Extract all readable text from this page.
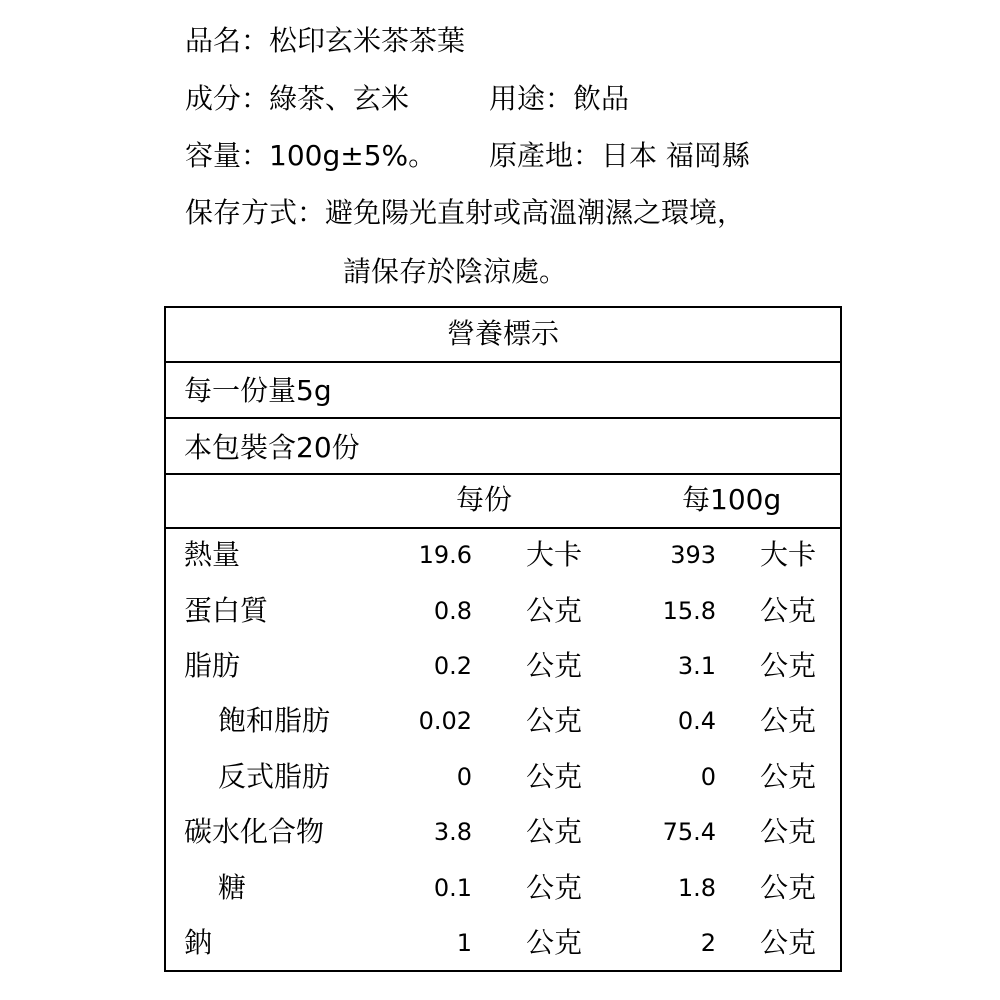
品名：松印玄米茶茶葉
成分：綠茶、玄米	用途：飲品
容量：100g±5%。 原產地：日本 福岡縣
保存方式：避免陽光直射或高溫潮濕之環境，
請保存於陰涼處。
營養標示
每一份量5g
本包裝含20份
每份	每100g
熱量	19.6 大卡	393 大卡
蛋白質	0.8 公克	15.8 公克
脂肪	0.2 公克	3.1 公克
飽和脂肪	0.02 公克	0.4 公克
反式脂肪	0 公克	0 公克
碳水化合物	3.8 公克	75.4 公克
糖	0.1 公克	1.8 公克
鈉	1 公克	2 公克
